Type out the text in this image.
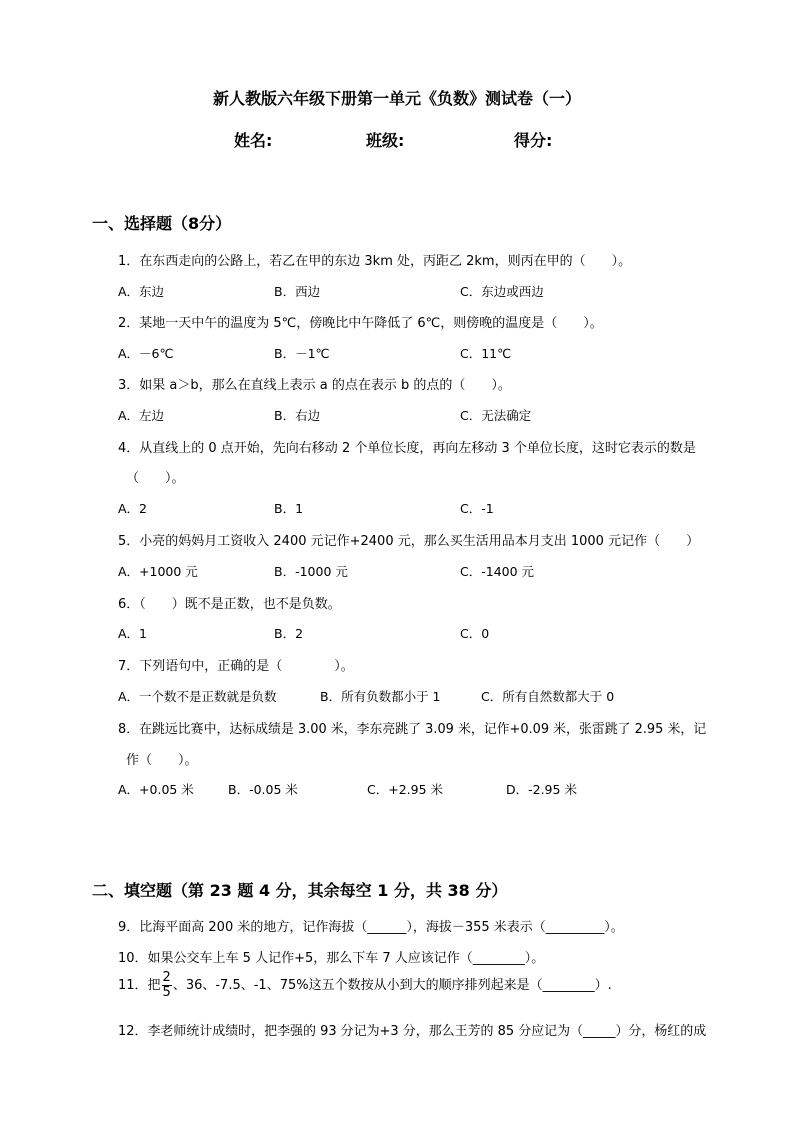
新人教版六年级下册第一单元《负数》测试卷（一）
姓名:	班级:	得分:
一、选择题（8分）
1．在东西走向的公路上，若乙在甲的东边 3km 处，丙距乙 2km，则丙在甲的（　　）。
A．东边	B．西边	C．东边或西边
2．某地一天中午的温度为 5℃，傍晚比中午降低了 6℃，则傍晚的温度是（　　）。
A．－6℃	B．－1℃	C．11℃
3．如果 a＞b，那么在直线上表示 a 的点在表示 b 的点的（　　）。
A．左边	B．右边	C．无法确定
4．从直线上的 0 点开始，先向右移动 2 个单位长度，再向左移动 3 个单位长度，这时它表示的数是
（　　）。
A．2	B．1	C．-1
5．小亮的妈妈月工资收入 2400 元记作+2400 元，那么买生活用品本月支出 1000 元记作（　　）
A．+1000 元	B．-1000 元	C．-1400 元
6．（　　）既不是正数，也不是负数。
A．1	B．2	C．0
7．下列语句中，正确的是（　　　　）。
A．一个数不是正数就是负数	B．所有负数都小于 1	C．所有自然数都大于 0
8．在跳远比赛中，达标成绩是 3.00 米，李东亮跳了 3.09 米，记作+0.09 米，张雷跳了 2.95 米，记
作（　　）。
A．+0.05 米	B．-0.05 米	C．+2.95 米	D．-2.95 米
二、填空题（第 23 题 4 分，其余每空 1 分，共 38 分）
9．比海平面高 200 米的地方，记作海拔（______），海拔－355 米表示（_________）。
10．如果公交车上车 5 人记作+5，那么下车 7 人应该记作（________）。
11．把 $\frac{2}{5}$ 、36、-7.5、-1、75%这五个数按从小到大的顺序排列起来是（________）.
12．李老师统计成绩时，把李强的 93 分记为+3 分，那么王芳的 85 分应记为（_____）分，杨红的成
